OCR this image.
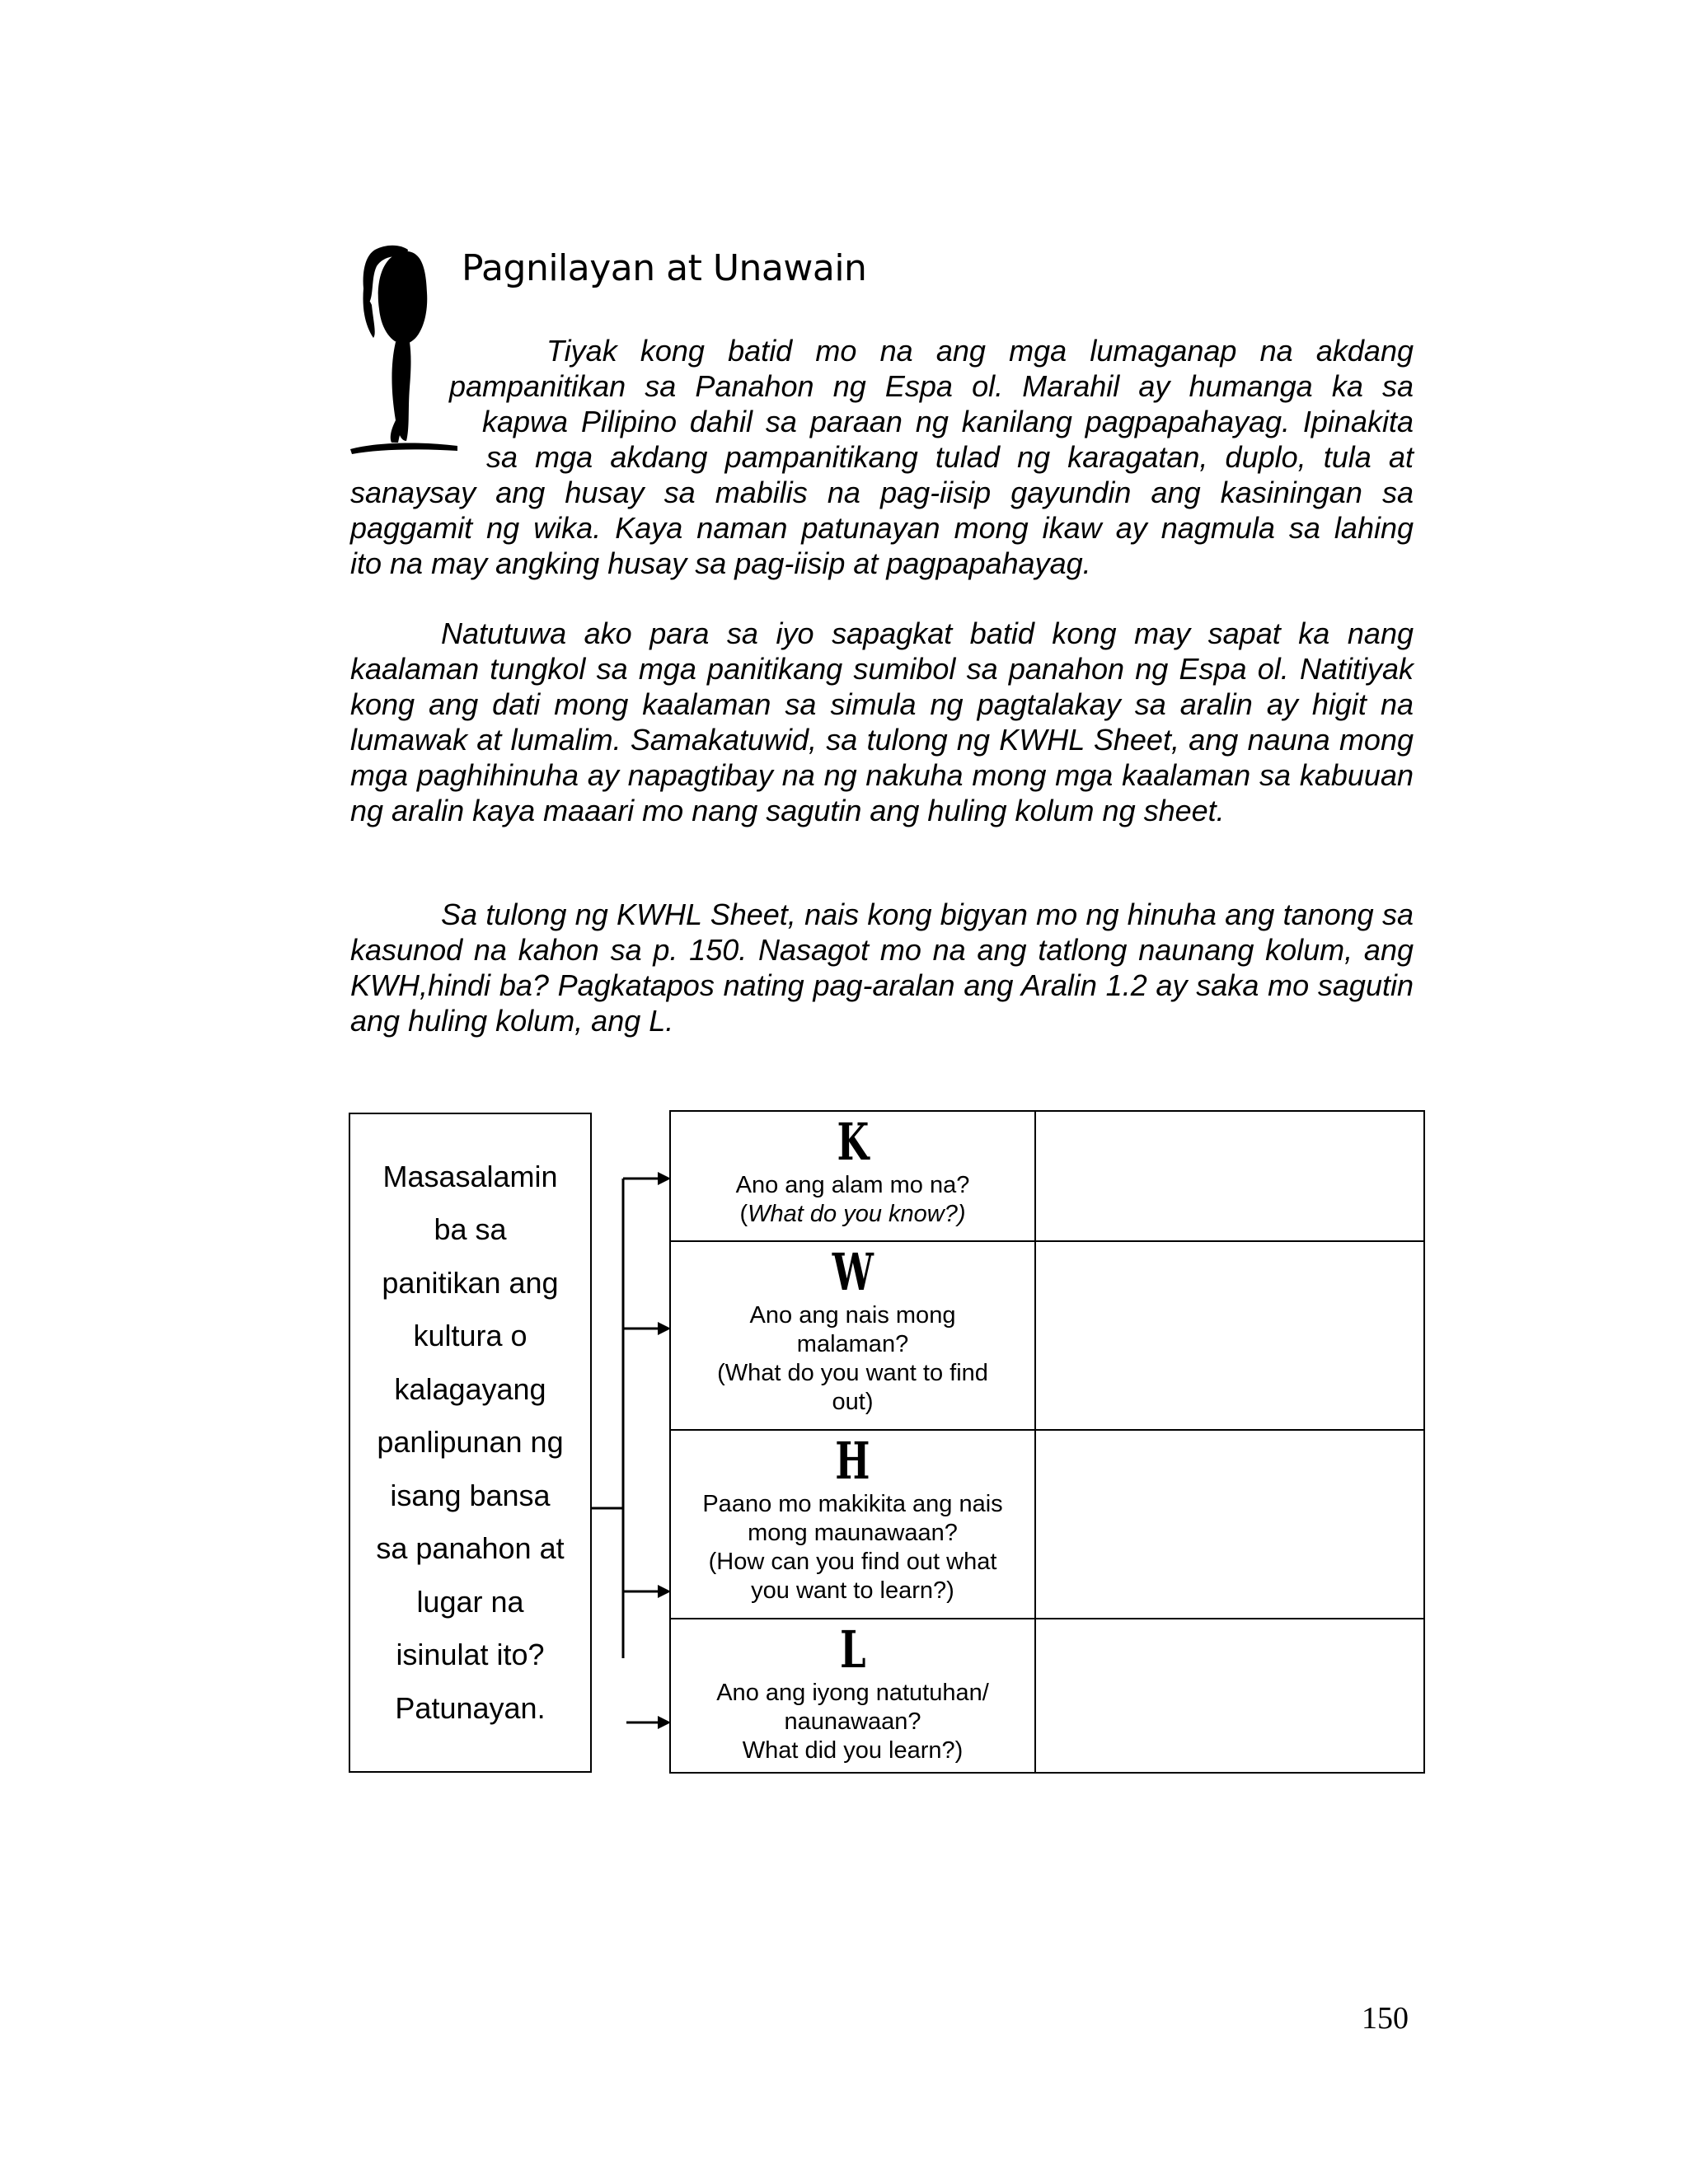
Pagnilayan at Unawain
Tiyak kong batid mo na ang mga lumaganap na akdang
pampanitikan sa Panahon ng Espa ol. Marahil ay humanga ka sa
kapwa Pilipino dahil sa paraan ng kanilang pagpapahayag. Ipinakita
sa mga akdang pampanitikang tulad ng karagatan, duplo, tula at
sanaysay ang husay sa mabilis na pag-iisip gayundin ang kasiningan sa
paggamit ng wika. Kaya naman patunayan mong ikaw ay nagmula sa lahing
ito na may angking husay sa pag-iisip at pagpapahayag.

Natutuwa ako para sa iyo sapagkat batid kong may sapat ka nang kaalaman tungkol sa mga panitikang sumibol sa panahon ng Espa ol. Natitiyak kong ang dati mong kaalaman sa simula ng pagtalakay sa aralin ay higit na lumawak at lumalim. Samakatuwid, sa tulong ng KWHL Sheet, ang nauna mong mga paghihinuha ay napagtibay na ng nakuha mong mga kaalaman sa kabuuan ng aralin kaya maaari mo nang sagutin ang huling kolum ng sheet.

Sa tulong ng KWHL Sheet, nais kong bigyan mo ng hinuha ang tanong sa kasunod na kahon sa p. 150. Nasagot mo na ang tatlong naunang kolum, ang KWH,hindi ba? Pagkatapos nating pag-aralan ang Aralin 1.2 ay saka mo sagutin ang huling kolum, ang L.

Masasalamin
ba sa
panitikan ang
kultura o
kalagayang
panlipunan ng
isang bansa
sa panahon at
lugar na
isinulat ito?
Patunayan.
K
Ano ang alam mo na?
(What do you know?)
W
Ano ang nais mong
malaman?
(What do you want to find
out)
H
Paano mo makikita ang nais
mong maunawaan?
(How can you find out what
you want to learn?)
L
Ano ang iyong natutuhan/
naunawaan?
What did you learn?)
150
